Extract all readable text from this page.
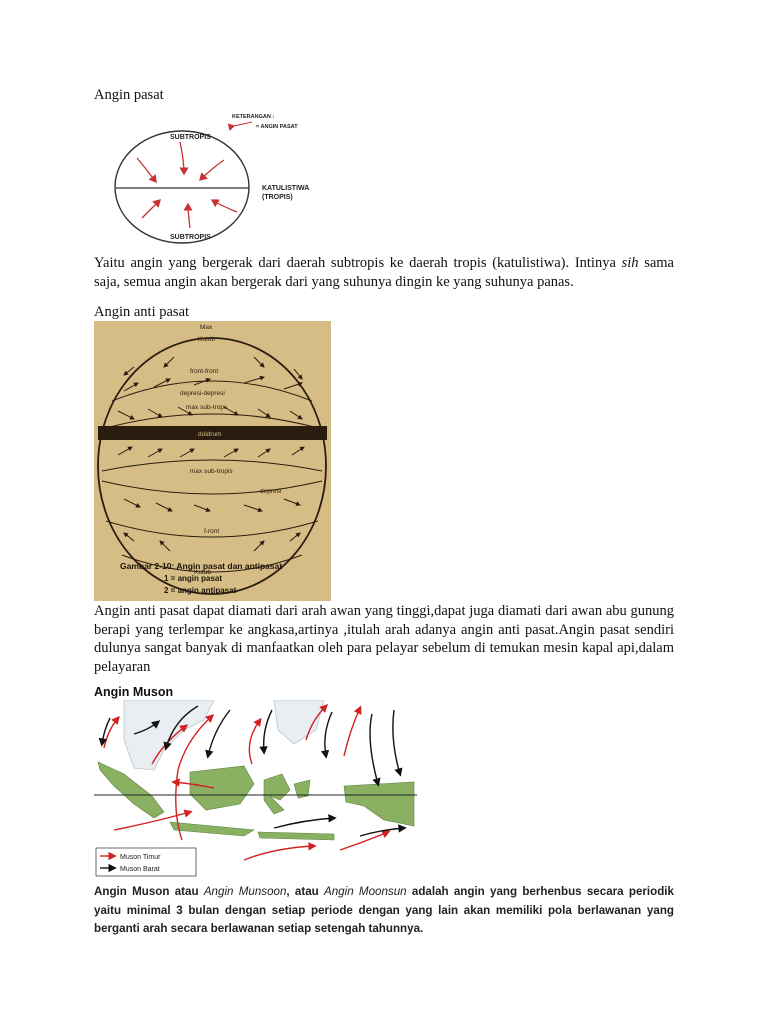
Angin pasat
SUBTROPIS
SUBTROPIS
KATULISTIWA
(TROPIS)
KETERANGAN :
= ANGIN PASAT
Yaitu angin yang bergerak dari daerah subtropis ke daerah tropis (katulistiwa). Intinya sih sama saja, semua angin akan bergerak dari yang suhunya dingin ke yang suhunya panas.
Angin anti pasat
Max
Kutub
front-front
depresi-depresi
max sub-trops
doldrum
max sub-tropis
depresi
f-ront
Kutub
Gambar 2-10: Angin pasat dan antipasat
1 = angin pasat
2 = angin antipasat
Angin anti pasat dapat diamati dari arah awan yang tinggi,dapat juga diamati dari awan abu gunung berapi yang terlempar ke angkasa,artinya ,itulah arah adanya angin anti pasat.Angin pasat sendiri dulunya sangat banyak di manfaatkan oleh para pelayar sebelum di temukan mesin kapal api,dalam pelayaran
Angin Muson
Muson Timur
Muson Barat
Angin Muson atau Angin Munsoon, atau Angin Moonsun adalah angin yang berhenbus secara periodik yaitu minimal 3 bulan dengan setiap periode dengan yang lain akan memiliki pola berlawanan yang berganti arah secara berlawanan setiap setengah tahunnya.
